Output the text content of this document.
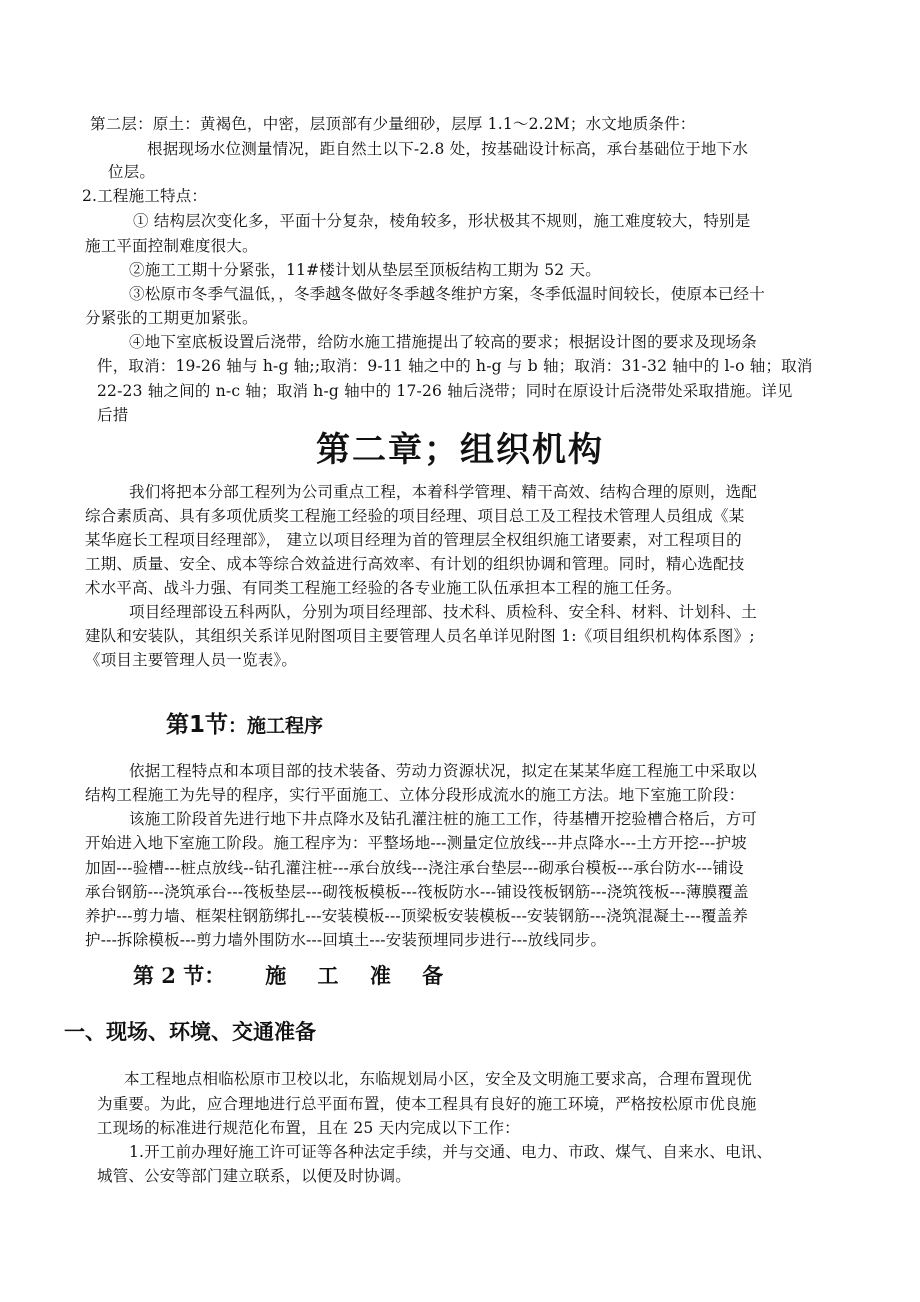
第二层：原土：黄褐色，中密，层顶部有少量细砂，层厚 1.1～2.2M；水文地质条件：
根据现场水位测量情况，距自然土以下-2.8 处，按基础设计标高，承台基础位于地下水
位层。
2.工程施工特点：
① 结构层次变化多，平面十分复杂，棱角较多，形状极其不规则，施工难度较大，特别是
施工平面控制难度很大。
②施工工期十分紧张，11#楼计划从垫层至顶板结构工期为 52 天。
③松原市冬季气温低，，冬季越冬做好冬季越冬维护方案，冬季低温时间较长，使原本已经十
分紧张的工期更加紧张。
④地下室底板设置后浇带，给防水施工措施提出了较高的要求；根据设计图的要求及现场条
件，取消：19-26 轴与 h-g 轴;;取消：9-11 轴之中的 h-g 与 b 轴；取消：31-32 轴中的 l-o 轴；取消
22-23 轴之间的 n-c 轴；取消 h-g 轴中的 17-26 轴后浇带；同时在原设计后浇带处采取措施。详见
后措
第二章；组织机构
我们将把本分部工程列为公司重点工程，本着科学管理、精干高效、结构合理的原则，选配
综合素质高、具有多项优质奖工程施工经验的项目经理、项目总工及工程技术管理人员组成《某
某华庭长工程项目经理部》， 建立以项目经理为首的管理层全权组织施工诸要素，对工程项目的
工期、质量、安全、成本等综合效益进行高效率、有计划的组织协调和管理。同时，精心选配技
术水平高、战斗力强、有同类工程施工经验的各专业施工队伍承担本工程的施工任务。
项目经理部设五科两队，分别为项目经理部、技术科、质检科、安全科、材料、计划科、土
建队和安装队，其组织关系详见附图项目主要管理人员名单详见附图 1:《项目组织机构体系图》;
《项目主要管理人员一览表》。
第1节：施工程序
依据工程特点和本项目部的技术装备、劳动力资源状况，拟定在某某华庭工程施工中采取以
结构工程施工为先导的程序，实行平面施工、立体分段形成流水的施工方法。地下室施工阶段：
该施工阶段首先进行地下井点降水及钻孔灌注桩的施工工作，待基槽开挖验槽合格后，方可
开始进入地下室施工阶段。施工程序为：平整场地---测量定位放线---井点降水---土方开挖---护坡
加固---验槽---桩点放线--钻孔灌注桩---承台放线---浇注承台垫层---砌承台模板---承台防水---铺设
承台钢筋---浇筑承台---筏板垫层---砌筏板模板---筏板防水---铺设筏板钢筋---浇筑筏板---薄膜覆盖
养护---剪力墙、框架柱钢筋绑扎---安装模板---顶梁板安装模板---安装钢筋---浇筑混凝土---覆盖养
护---拆除模板---剪力墙外围防水---回填土---安装预埋同步进行---放线同步。
第 2 节： 施 工 准 备
一、现场、环境、交通准备
本工程地点相临松原市卫校以北，东临规划局小区，安全及文明施工要求高，合理布置现优
为重要。为此，应合理地进行总平面布置，使本工程具有良好的施工环境，严格按松原市优良施
工现场的标准进行规范化布置，且在 25 天内完成以下工作：
1.开工前办理好施工许可证等各种法定手续，并与交通、电力、市政、煤气、自来水、电讯、
城管、公安等部门建立联系，以便及时协调。
